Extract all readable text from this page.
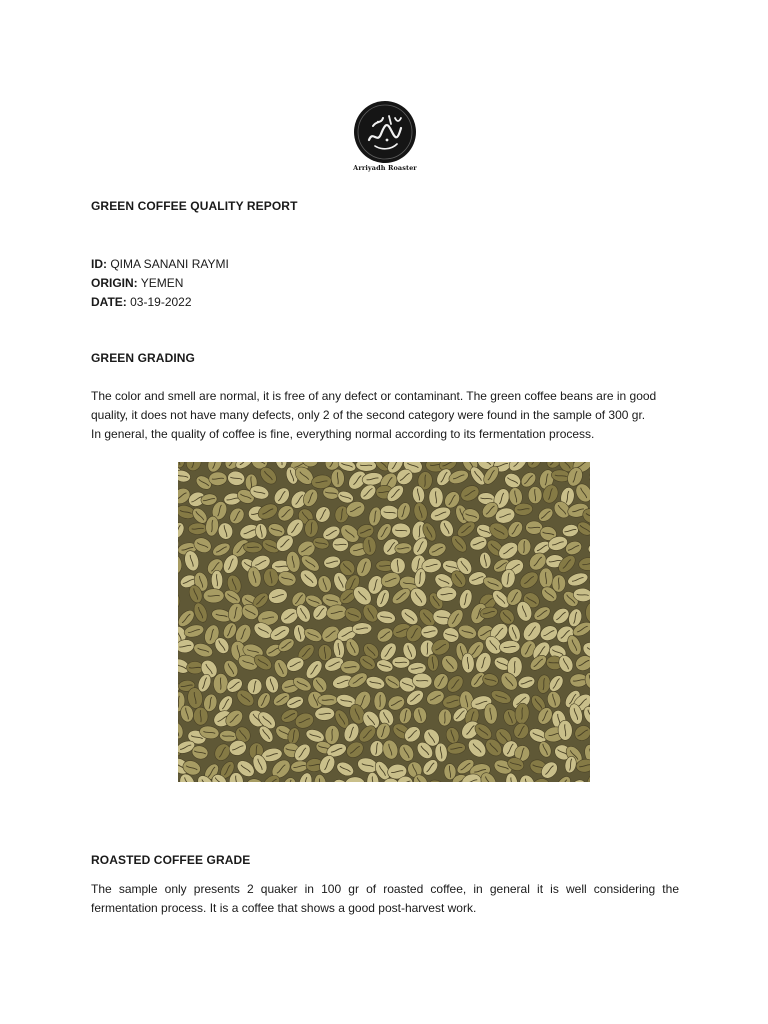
Arriyadh Roaster
GREEN COFFEE QUALITY REPORT
ID: QIMA SANANI RAYMI
ORIGIN: YEMEN
DATE: 03-19-2022
GREEN GRADING
The color and smell are normal, it is free of any defect or contaminant. The green coffee beans are in good
quality, it does not have many defects, only 2 of the second category were found in the sample of 300 gr.
In general, the quality of coffee is fine, everything normal according to its fermentation process.
ROASTED COFFEE GRADE
The sample only presents 2 quaker in 100 gr of roasted coffee, in general it is well considering the
fermentation process. It is a coffee that shows a good post-harvest work.
